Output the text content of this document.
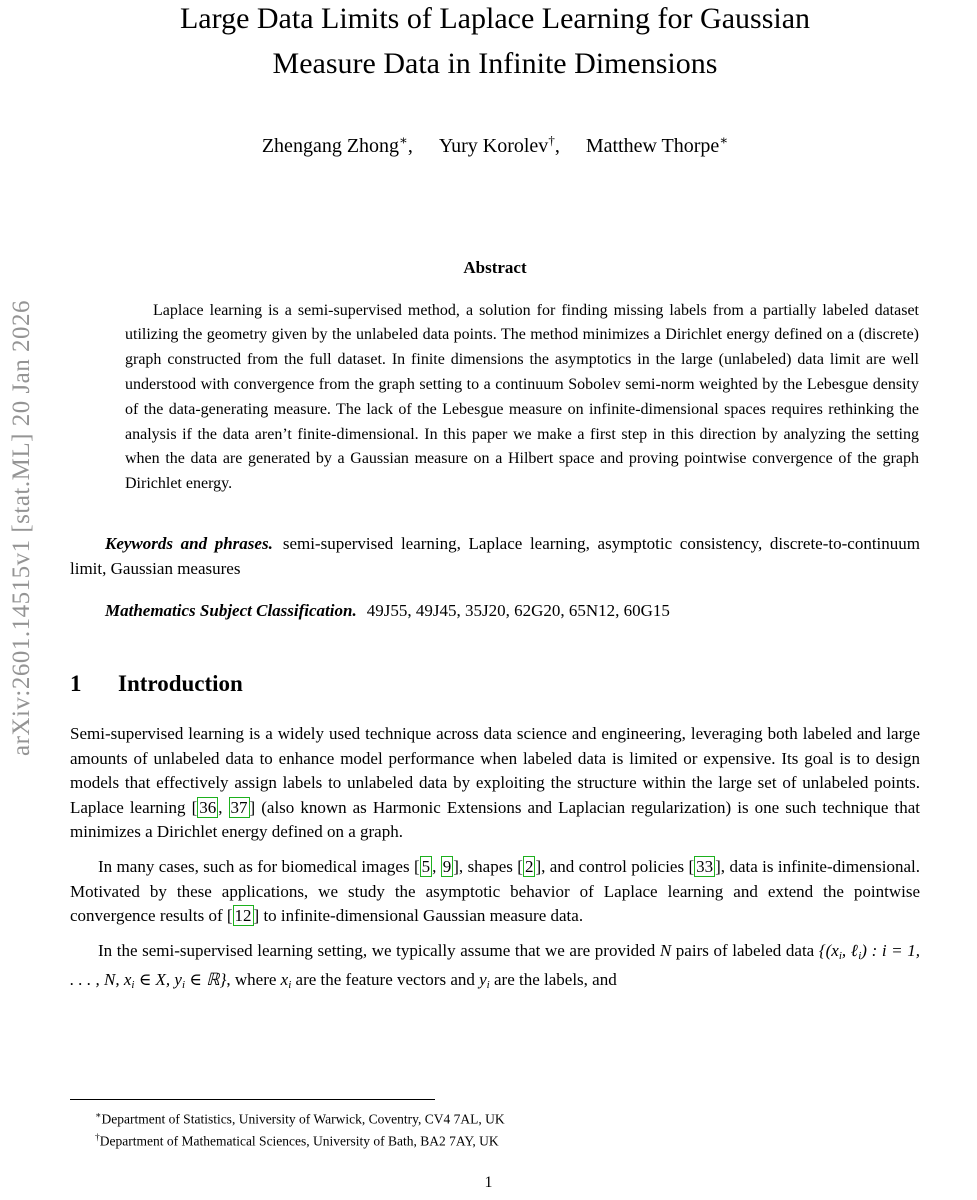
arXiv:2601.14515v1 [stat.ML] 20 Jan 2026
Large Data Limits of Laplace Learning for Gaussian
Measure Data in Infinite Dimensions
Zhengang Zhong∗, Yury Korolev†, Matthew Thorpe∗
Abstract

Laplace learning is a semi-supervised method, a solution for finding missing labels from a partially labeled dataset utilizing the geometry given by the unlabeled data points. The method minimizes a Dirichlet energy defined on a (discrete) graph constructed from the full dataset. In finite dimensions the asymptotics in the large (unlabeled) data limit are well understood with convergence from the graph setting to a continuum Sobolev semi-norm weighted by the Lebesgue density of the data-generating measure. The lack of the Lebesgue measure on infinite-dimensional spaces requires rethinking the analysis if the data aren’t finite-dimensional. In this paper we make a first step in this direction by analyzing the setting when the data are generated by a Gaussian measure on a Hilbert space and proving pointwise convergence of the graph Dirichlet energy.

Keywords and phrases. semi-supervised learning, Laplace learning, asymptotic consistency, discrete-to-continuum limit, Gaussian measures

Mathematics Subject Classification. 49J55, 49J45, 35J20, 62G20, 65N12, 60G15

1 Introduction

Semi-supervised learning is a widely used technique across data science and engineering, leveraging both labeled and large amounts of unlabeled data to enhance model performance when labeled data is limited or expensive. Its goal is to design models that effectively assign labels to unlabeled data by exploiting the structure within the large set of unlabeled points. Laplace learning [ 36 , 37 ] (also known as Harmonic Extensions and Laplacian regularization) is one such technique that minimizes a Dirichlet energy defined on a graph.

In many cases, such as for biomedical images [ 5 , 9 ], shapes [ 2 ], and control policies [ 33 ], data is infinite-dimensional. Motivated by these applications, we study the asymptotic behavior of Laplace learning and extend the pointwise convergence results of [ 12 ] to infinite-dimensional Gaussian measure data.

In the semi-supervised learning setting, we typically assume that we are provided N pairs of labeled data {(xi, ℓi) : i = 1, . . . , N, xi ∈ X, yi ∈ ℝ}, where xi are the feature vectors and yi are the labels, and

∗Department of Statistics, University of Warwick, Coventry, CV4 7AL, UK
†Department of Mathematical Sciences, University of Bath, BA2 7AY, UK
1
